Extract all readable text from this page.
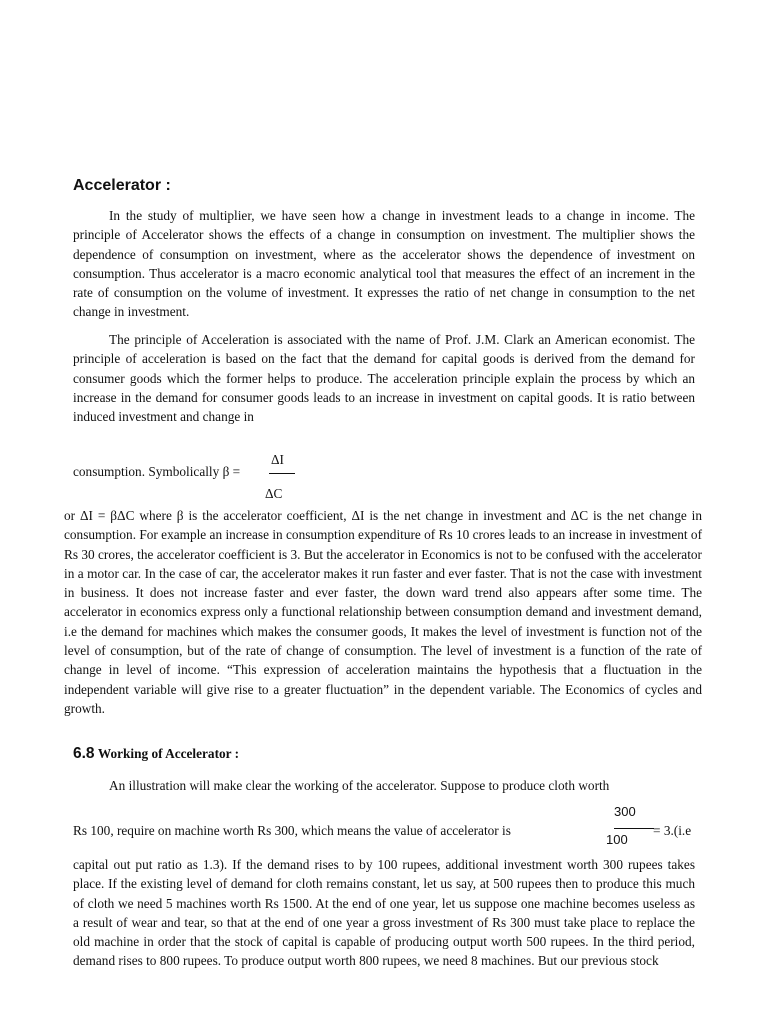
Accelerator :

In the study of multiplier, we have seen how a change in investment leads to a change in income. The principle of Accelerator shows the effects of a change in consumption on investment. The multiplier shows the dependence of consumption on investment, where as the accelerator shows the dependence of investment on consumption. Thus accelerator is a macro economic analytical tool that measures the effect of an increment in the rate of consumption on the volume of investment. It expresses the ratio of net change in consumption to the net change in investment.

The principle of Acceleration is associated with the name of Prof. J.M. Clark an American economist. The principle of acceleration is based on the fact that the demand for capital goods is derived from the demand for consumer goods which the former helps to produce. The acceleration principle explain the process by which an increase in the demand for consumer goods leads to an increase in investment on capital goods. It is ratio between induced investment and change in

consumption. Symbolically β =
ΔI
ΔC

or ΔI = βΔC where β is the accelerator coefficient, ΔI is the net change in investment and ΔC is the net change in consumption. For example an increase in consumption expenditure of Rs 10 crores leads to an increase in investment of Rs 30 crores, the accelerator coefficient is 3. But the accelerator in Economics is not to be confused with the accelerator in a motor car. In the case of car, the accelerator makes it run faster and ever faster. That is not the case with investment in business. It does not increase faster and ever faster, the down ward trend also appears after some time. The accelerator in economics express only a functional relationship between consumption demand and investment demand, i.e the demand for machines which makes the consumer goods, It makes the level of investment is function not of the level of consumption, but of the rate of change of consumption. The level of investment is a function of the rate of change in level of income. “This expression of acceleration maintains the hypothesis that a fluctuation in the independent variable will give rise to a greater fluctuation” in the dependent variable. The Economics of cycles and growth.

6.8 Working of Accelerator :

An illustration will make clear the working of the accelerator. Suppose to produce cloth worth

Rs 100, require on machine worth Rs 300, which means the value of accelerator is
300
100
= 3.(i.e

capital out put ratio as 1.3). If the demand rises to by 100 rupees, additional investment worth 300 rupees takes place. If the existing level of demand for cloth remains constant, let us say, at 500 rupees then to produce this much of cloth we need 5 machines worth Rs 1500. At the end of one year, let us suppose one machine becomes useless as a result of wear and tear, so that at the end of one year a gross investment of Rs 300 must take place to replace the old machine in order that the stock of capital is capable of producing output worth 500 rupees. In the third period, demand rises to 800 rupees. To produce output worth 800 rupees, we need 8 machines. But our previous stock
